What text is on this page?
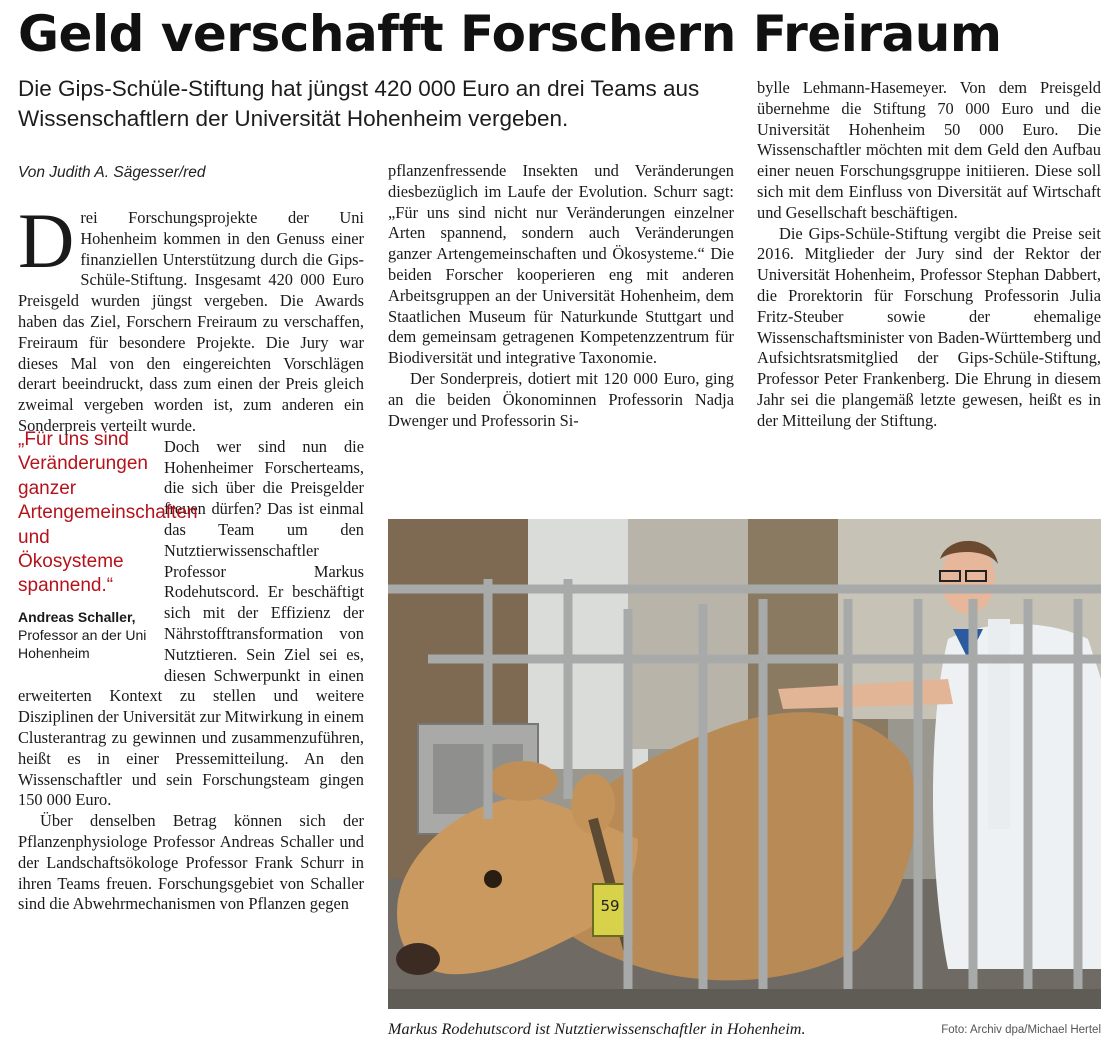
Geld verschafft Forschern Freiraum
Die Gips-Schüle-Stiftung hat jüngst 420 000 Euro an drei Teams aus Wissenschaftlern der Universität Hohenheim vergeben.
Von Judith A. Sägesser/red

Drei Forschungsprojekte der Uni Hohenheim kommen in den Genuss einer finanziellen Unterstützung durch die Gips-Schüle-Stiftung. Insgesamt 420 000 Euro Preisgeld wurden jüngst vergeben. Die Awards haben das Ziel, Forschern Freiraum zu verschaffen, Freiraum für besondere Projekte. Die Jury war dieses Mal von den eingereichten Vorschlägen derart beeindruckt, dass zum einen der Preis gleich zweimal vergeben worden ist, zum anderen ein Sonderpreis verteilt wurde.

Doch wer sind nun die Hohenheimer Forscherteams, die sich über die Preisgelder freuen dürfen? Das ist einmal das Team um den Nutztierwissenschaftler Professor Markus Rodehutscord. Er beschäftigt sich mit der Effizienz der Nährstofftransformation von Nutztieren. Sein Ziel sei es, diesen Schwerpunkt in einen erweiterten Kontext zu stellen und weitere Disziplinen der Universität zur Mitwirkung in einem Clusterantrag zu gewinnen und zusammenzuführen, heißt es in einer Pressemitteilung. An den Wissenschaftler und sein Forschungsteam gingen 150 000 Euro.

Über denselben Betrag können sich der Pflanzenphysiologe Professor Andreas Schaller und der Landschaftsökologe Professor Frank Schurr in ihren Teams freuen. Forschungsgebiet von Schaller sind die Abwehrmechanismen von Pflanzen gegen

„Für uns sind Veränderungen ganzer Artengemeinschaften und Ökosysteme spannend.“
Andreas Schaller,
Professor an der Uni Hohenheim

pflanzenfressende Insekten und Veränderungen diesbezüglich im Laufe der Evolution. Schurr sagt: „Für uns sind nicht nur Veränderungen einzelner Arten spannend, sondern auch Veränderungen ganzer Artengemeinschaften und Ökosysteme.“ Die beiden Forscher kooperieren eng mit anderen Arbeitsgruppen an der Universität Hohenheim, dem Staatlichen Museum für Naturkunde Stuttgart und dem gemeinsam getragenen Kompetenzzentrum für Biodiversität und integrative Taxonomie.

Der Sonderpreis, dotiert mit 120 000 Euro, ging an die beiden Ökonominnen Professorin Nadja Dwenger und Professorin Si-

bylle Lehmann-Hasemeyer. Von dem Preisgeld übernehme die Stiftung 70 000 Euro und die Universität Hohenheim 50 000 Euro. Die Wissenschaftler möchten mit dem Geld den Aufbau einer neuen Forschungsgruppe initiieren. Diese soll sich mit dem Einfluss von Diversität auf Wirtschaft und Gesellschaft beschäftigen.

Die Gips-Schüle-Stiftung vergibt die Preise seit 2016. Mitglieder der Jury sind der Rektor der Universität Hohenheim, Professor Stephan Dabbert, die Prorektorin für Forschung Professorin Julia Fritz-Steuber sowie der ehemalige Wissenschaftsminister von Baden-Württemberg und Aufsichtsratsmitglied der Gips-Schüle-Stiftung, Professor Peter Frankenberg. Die Ehrung in diesem Jahr sei die plangemäß letzte gewesen, heißt es in der Mitteilung der Stiftung.

59
Markus Rodehutscord ist Nutztierwissenschaftler in Hohenheim.	Foto: Archiv dpa/Michael Hertel
